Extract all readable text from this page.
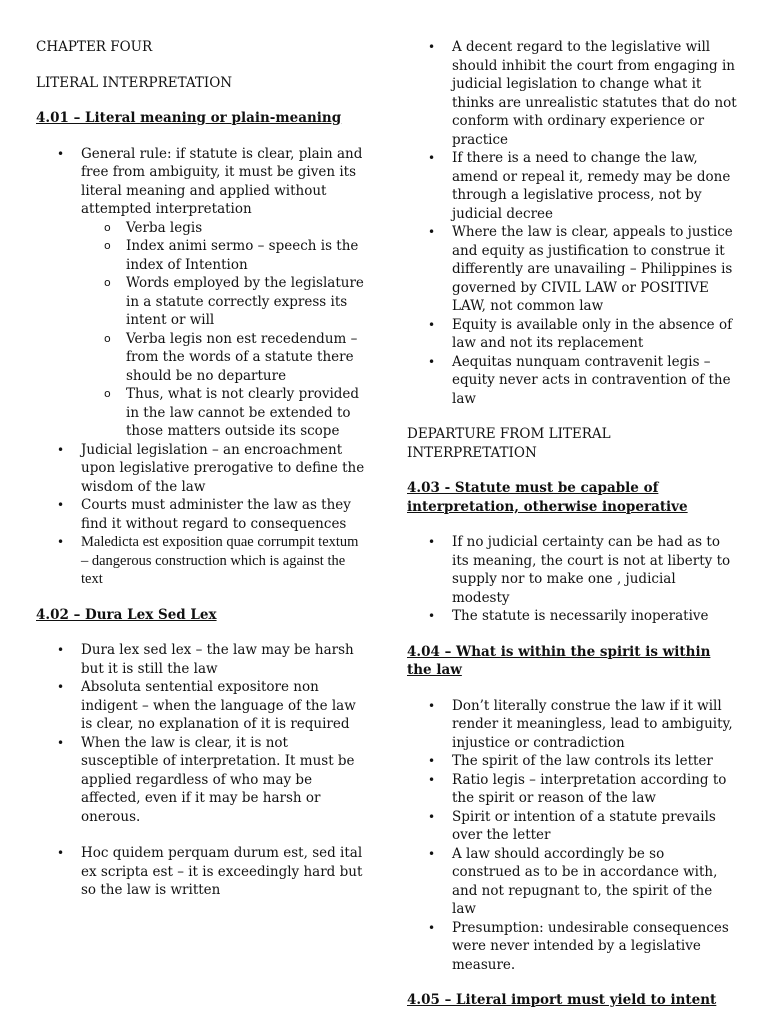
CHAPTER FOUR

LITERAL INTERPRETATION

4.01 – Literal meaning or plain-meaning

• General rule: if statute is clear, plain and free from ambiguity, it must be given its literal meaning and applied without attempted interpretation
o Verba legis
o Index animi sermo – speech is the index of Intention
o Words employed by the legislature in a statute correctly express its intent or will
o Verba legis non est recedendum – from the words of a statute there should be no departure
o Thus, what is not clearly provided in the law cannot be extended to those matters outside its scope
• Judicial legislation – an encroachment upon legislative prerogative to define the wisdom of the law
• Courts must administer the law as they find it without regard to consequences
• Maledicta est exposition quae corrumpit textum – dangerous construction which is against the text

4.02 – Dura Lex Sed Lex

• Dura lex sed lex – the law may be harsh but it is still the law
• Absoluta sentential expositore non indigent – when the language of the law is clear, no explanation of it is required
• When the law is clear, it is not susceptible of interpretation. It must be applied regardless of who may be affected, even if it may be harsh or onerous.
• Hoc quidem perquam durum est, sed ital ex scripta est – it is exceedingly hard but so the law is written
• A decent regard to the legislative will should inhibit the court from engaging in judicial legislation to change what it thinks are unrealistic statutes that do not conform with ordinary experience or practice
• If there is a need to change the law, amend or repeal it, remedy may be done through a legislative process, not by judicial decree
• Where the law is clear, appeals to justice and equity as justification to construe it differently are unavailing – Philippines is governed by CIVIL LAW or POSITIVE LAW, not common law
• Equity is available only in the absence of law and not its replacement
• Aequitas nunquam contravenit legis – equity never acts in contravention of the law

DEPARTURE FROM LITERAL INTERPRETATION

4.03 - Statute must be capable of interpretation, otherwise inoperative

• If no judicial certainty can be had as to its meaning, the court is not at liberty to supply nor to make one , judicial modesty
• The statute is necessarily inoperative

4.04 – What is within the spirit is within the law

• Don’t literally construe the law if it will render it meaningless, lead to ambiguity, injustice or contradiction
• The spirit of the law controls its letter
• Ratio legis – interpretation according to the spirit or reason of the law
• Spirit or intention of a statute prevails over the letter
• A law should accordingly be so construed as to be in accordance with, and not repugnant to, the spirit of the law
• Presumption: undesirable consequences were never intended by a legislative measure.

4.05 – Literal import must yield to intent
